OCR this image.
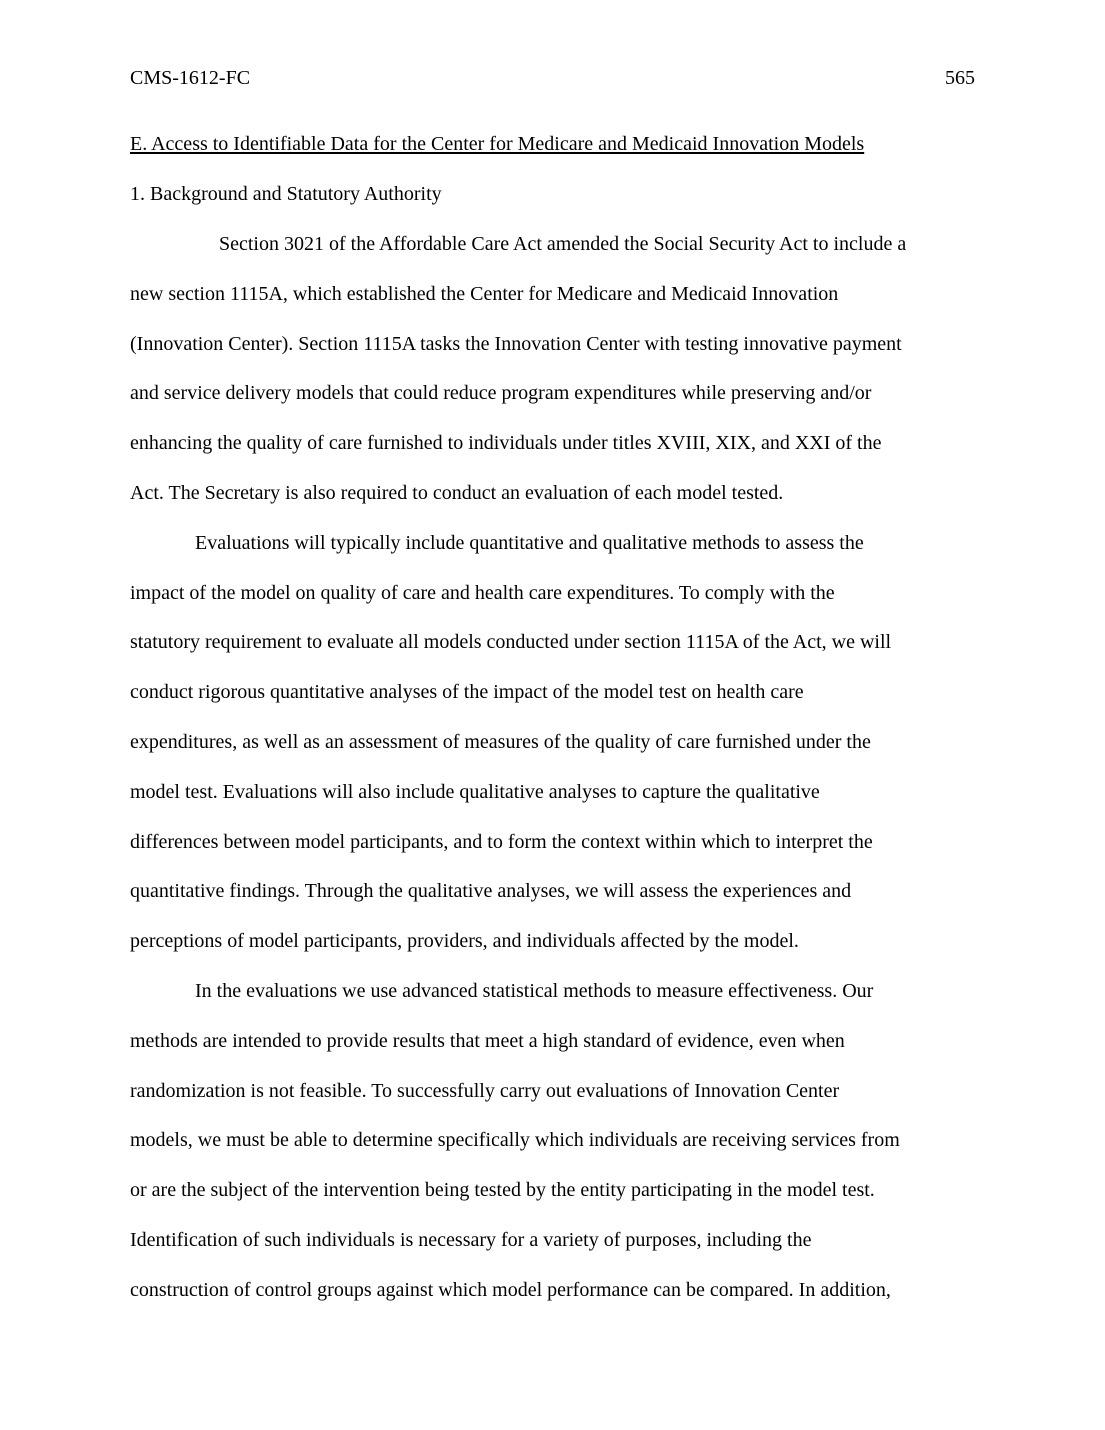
CMS-1612-FC	565
E. Access to Identifiable Data for the Center for Medicare and Medicaid Innovation Models
1. Background and Statutory Authority
Section 3021 of the Affordable Care Act amended the Social Security Act to include a
new section 1115A, which established the Center for Medicare and Medicaid Innovation
(Innovation Center). Section 1115A tasks the Innovation Center with testing innovative payment
and service delivery models that could reduce program expenditures while preserving and/or
enhancing the quality of care furnished to individuals under titles XVIII, XIX, and XXI of the
Act. The Secretary is also required to conduct an evaluation of each model tested.
Evaluations will typically include quantitative and qualitative methods to assess the
impact of the model on quality of care and health care expenditures. To comply with the
statutory requirement to evaluate all models conducted under section 1115A of the Act, we will
conduct rigorous quantitative analyses of the impact of the model test on health care
expenditures, as well as an assessment of measures of the quality of care furnished under the
model test. Evaluations will also include qualitative analyses to capture the qualitative
differences between model participants, and to form the context within which to interpret the
quantitative findings. Through the qualitative analyses, we will assess the experiences and
perceptions of model participants, providers, and individuals affected by the model.
In the evaluations we use advanced statistical methods to measure effectiveness. Our
methods are intended to provide results that meet a high standard of evidence, even when
randomization is not feasible. To successfully carry out evaluations of Innovation Center
models, we must be able to determine specifically which individuals are receiving services from
or are the subject of the intervention being tested by the entity participating in the model test.
Identification of such individuals is necessary for a variety of purposes, including the
construction of control groups against which model performance can be compared. In addition,
